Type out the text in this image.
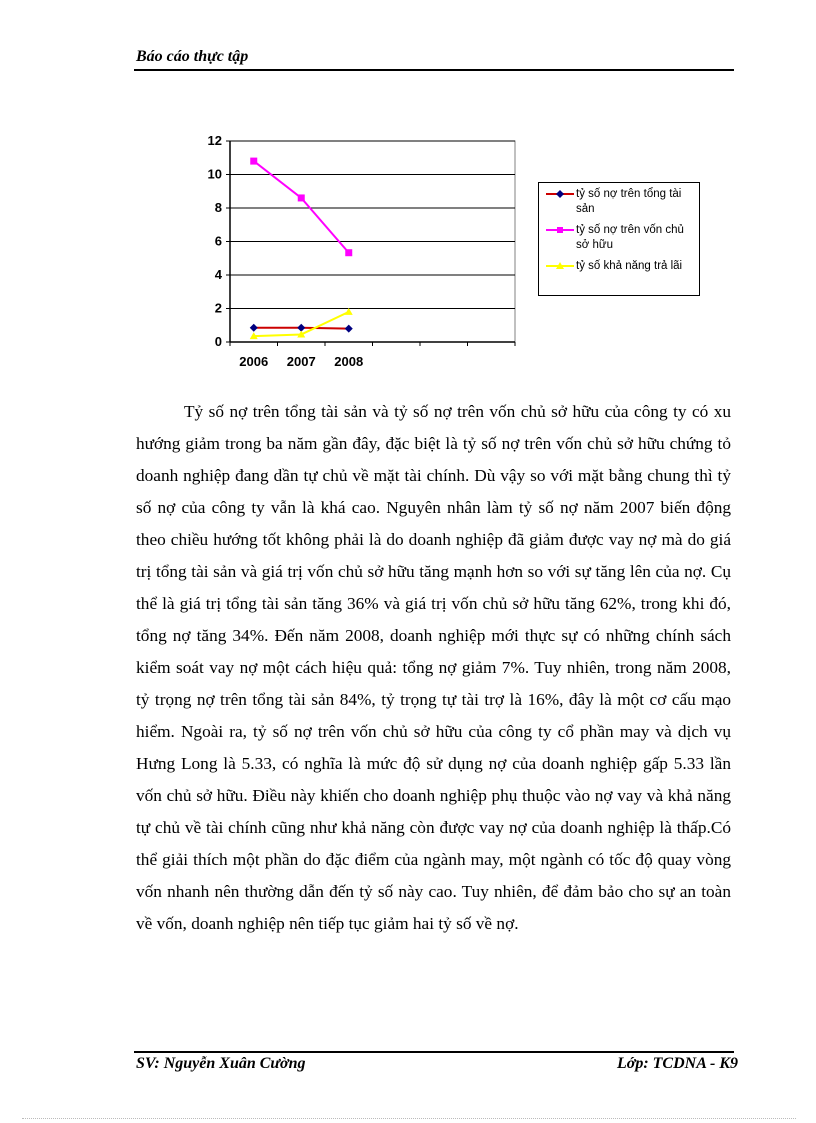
Báo cáo thực tập
0
2
4
6
8
10
12
2006 2007 2008
tỷ số nợ trên tổng tài sản
tỷ số nợ trên vốn chủ sở hữu
tỷ số khả năng trả lãi

Tỷ số nợ trên tổng tài sản và tỷ số nợ trên vốn chủ sở hữu của công ty có xu hướng giảm trong ba năm gần đây, đặc biệt là tỷ số nợ trên vốn chủ sở hữu chứng tỏ doanh nghiệp đang dần tự chủ về mặt tài chính. Dù vậy so với mặt bằng chung thì tỷ số nợ của công ty vẫn là khá cao. Nguyên nhân làm tỷ số nợ năm 2007 biến động theo chiều hướng tốt không phải là do doanh nghiệp đã giảm được vay nợ mà do giá trị tổng tài sản và giá trị vốn chủ sở hữu tăng mạnh hơn so với sự tăng lên của nợ. Cụ thể là giá trị tổng tài sản tăng 36% và giá trị vốn chủ sở hữu tăng 62%, trong khi đó, tổng nợ tăng 34%. Đến năm 2008, doanh nghiệp mới thực sự có những chính sách kiểm soát vay nợ một cách hiệu quả: tổng nợ giảm 7%. Tuy nhiên, trong năm 2008, tỷ trọng nợ trên tổng tài sản 84%, tỷ trọng tự tài trợ là 16%, đây là một cơ cấu mạo hiểm. Ngoài ra, tỷ số nợ trên vốn chủ sở hữu của công ty cổ phần may và dịch vụ Hưng Long là 5.33, có nghĩa là mức độ sử dụng nợ của doanh nghiệp gấp 5.33 lần vốn chủ sở hữu. Điều này khiến cho doanh nghiệp phụ thuộc vào nợ vay và khả năng tự chủ về tài chính cũng như khả năng còn được vay nợ của doanh nghiệp là thấp.Có thể giải thích một phần do đặc điểm của ngành may, một ngành có tốc độ quay vòng vốn nhanh nên thường dẫn đến tỷ số này cao. Tuy nhiên, để đảm bảo cho sự an toàn về vốn, doanh nghiệp nên tiếp tục giảm hai tỷ số về nợ.

SV: Nguyễn Xuân Cường	Lớp: TCDNA - K9
